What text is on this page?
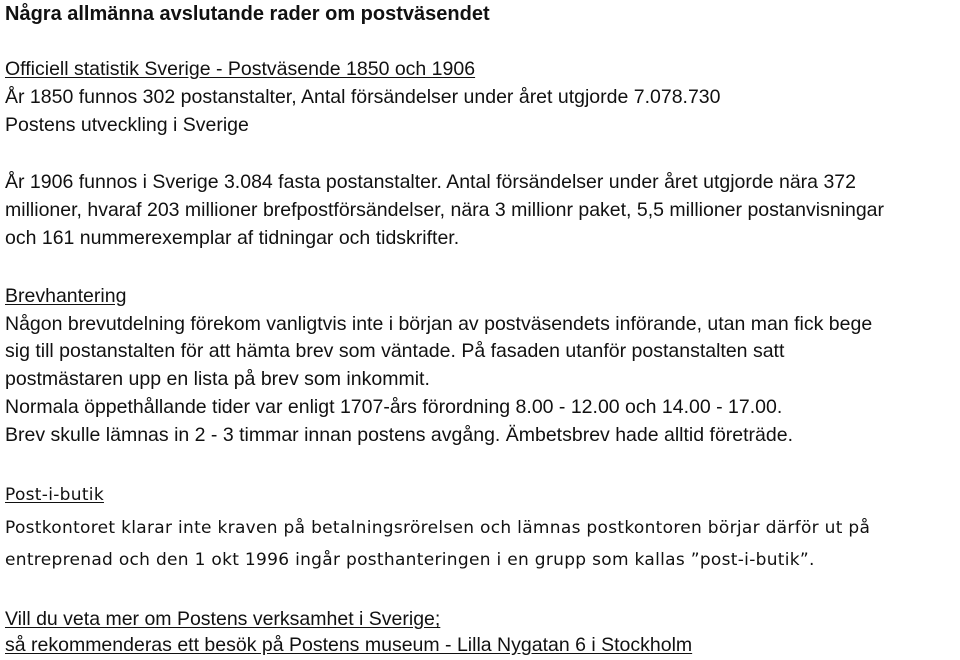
Några allmänna avslutande rader om postväsendet
Officiell statistik Sverige - Postväsende 1850 och 1906
År 1850 funnos 302 postanstalter, Antal försändelser under året utgjorde 7.078.730
Postens utveckling i Sverige
År 1906 funnos i Sverige 3.084 fasta postanstalter. Antal försändelser under året utgjorde nära 372
millioner, hvaraf 203 millioner brefpostförsändelser, nära 3 millionr paket, 5,5 millioner postanvisningar
och 161 nummerexemplar af tidningar och tidskrifter.
Brevhantering
Någon brevutdelning förekom vanligtvis inte i början av postväsendets införande, utan man fick bege
sig till postanstalten för att hämta brev som väntade. På fasaden utanför postanstalten satt
postmästaren upp en lista på brev som inkommit.
Normala öppethållande tider var enligt 1707-års förordning 8.00 - 12.00 och 14.00 - 17.00.
Brev skulle lämnas in 2 - 3 timmar innan postens avgång. Ämbetsbrev hade alltid företräde.
Post-i-butik
Postkontoret klarar inte kraven på betalningsrörelsen och lämnas postkontoren börjar därför ut på
entreprenad och den 1 okt 1996 ingår posthanteringen i en grupp som kallas ”post-i-butik”.
Vill du veta mer om Postens verksamhet i Sverige;
så rekommenderas ett besök på Postens museum - Lilla Nygatan 6 i Stockholm
